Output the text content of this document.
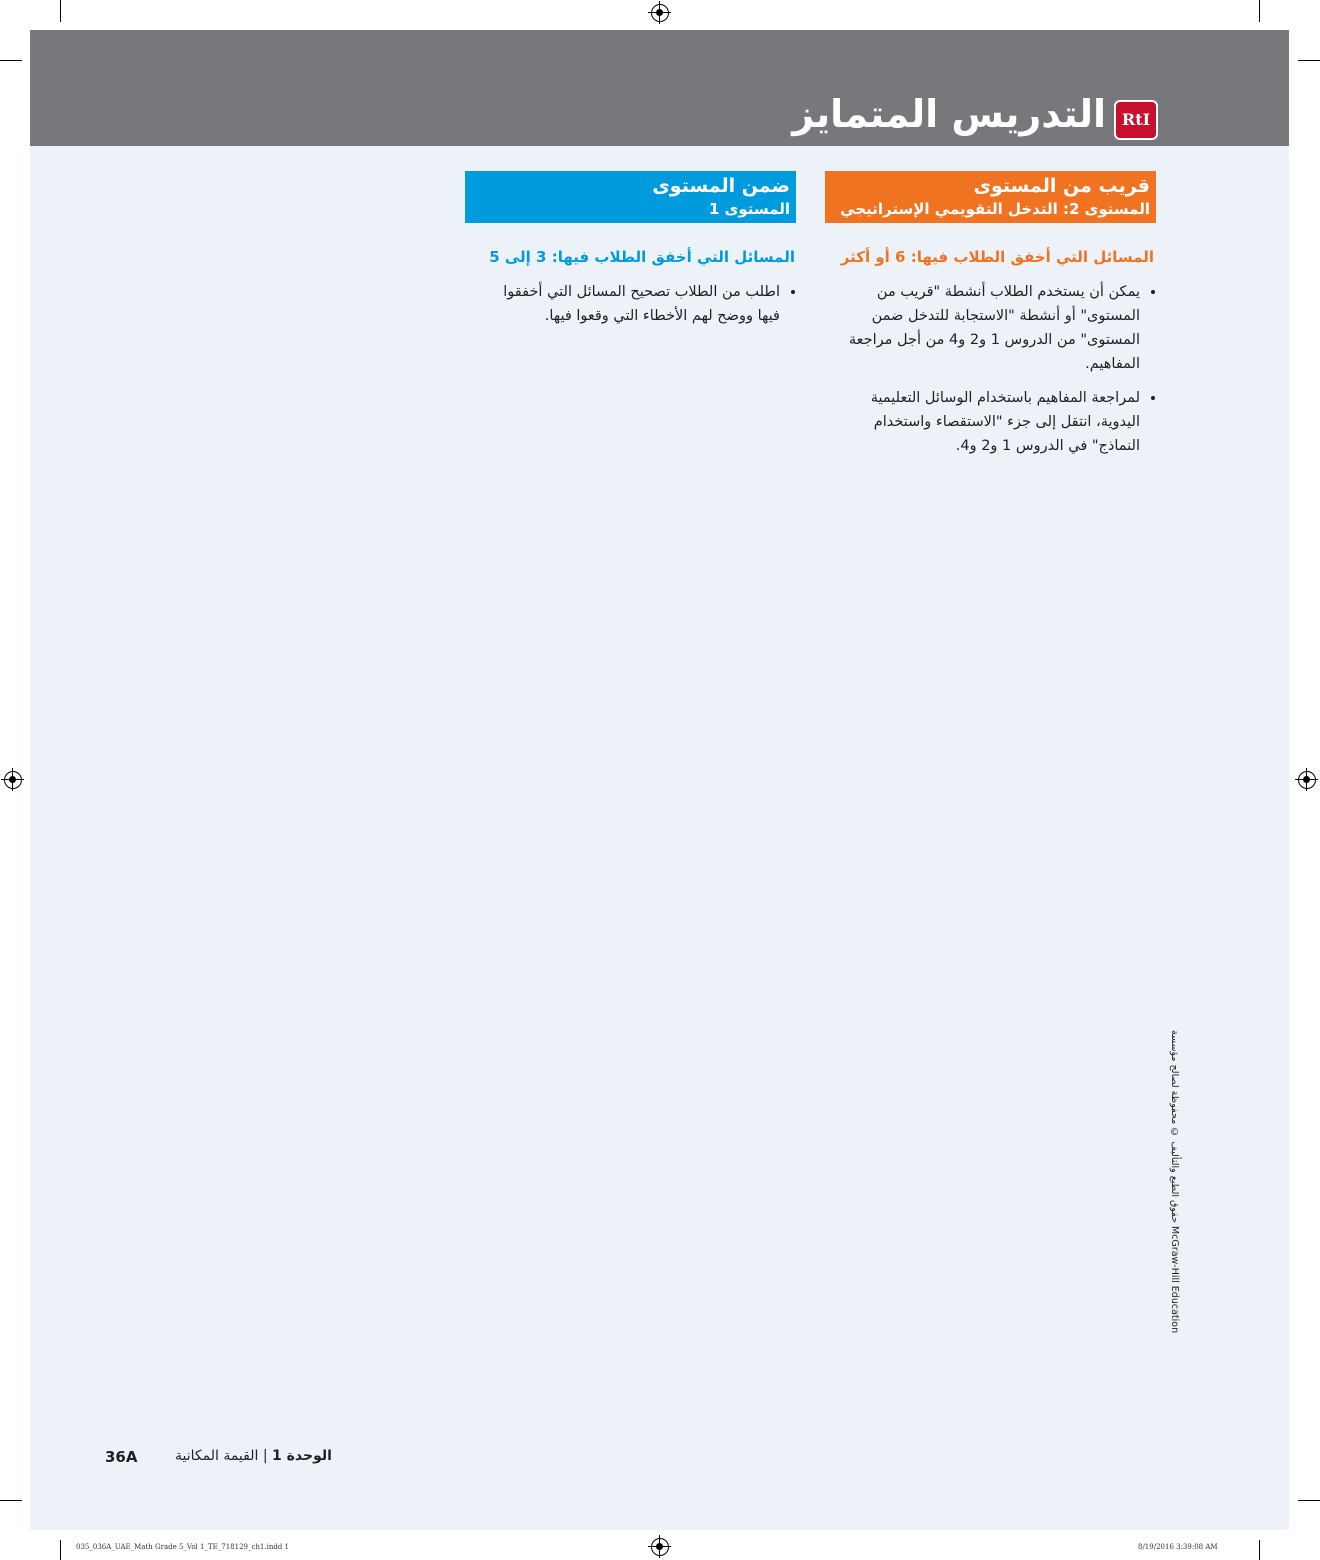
التدريس المتمايز RtI
قريب من المستوى
المستوى 2: التدخل التقويمي الإستراتيجي
المسائل التي أخفق الطلاب فيها: 6 أو أكثر
• يمكن أن يستخدم الطلاب أنشطة "قريب من المستوى" أو أنشطة "الاستجابة للتدخل ضمن المستوى" من الدروس 1 و2 و4 من أجل مراجعة المفاهيم.
• لمراجعة المفاهيم باستخدام الوسائل التعليمية اليدوية، انتقل إلى جزء "الاستقصاء واستخدام النماذج" في الدروس 1 و2 و4.
ضمن المستوى
المستوى 1
المسائل التي أخفق الطلاب فيها: 3 إلى 5
• اطلب من الطلاب تصحيح المسائل التي أخفقوا فيها ووضح لهم الأخطاء التي وقعوا فيها.
حقوق الطبع والتأليف © محفوظة لصالح مؤسسة McGraw-Hill Education
36A	الوحدة 1 | القيمة المكانية
035_036A_UAE_Math Grade 5_Vol 1_TE_718129_ch1.indd 1	8/19/2016 3:39:08 AM
